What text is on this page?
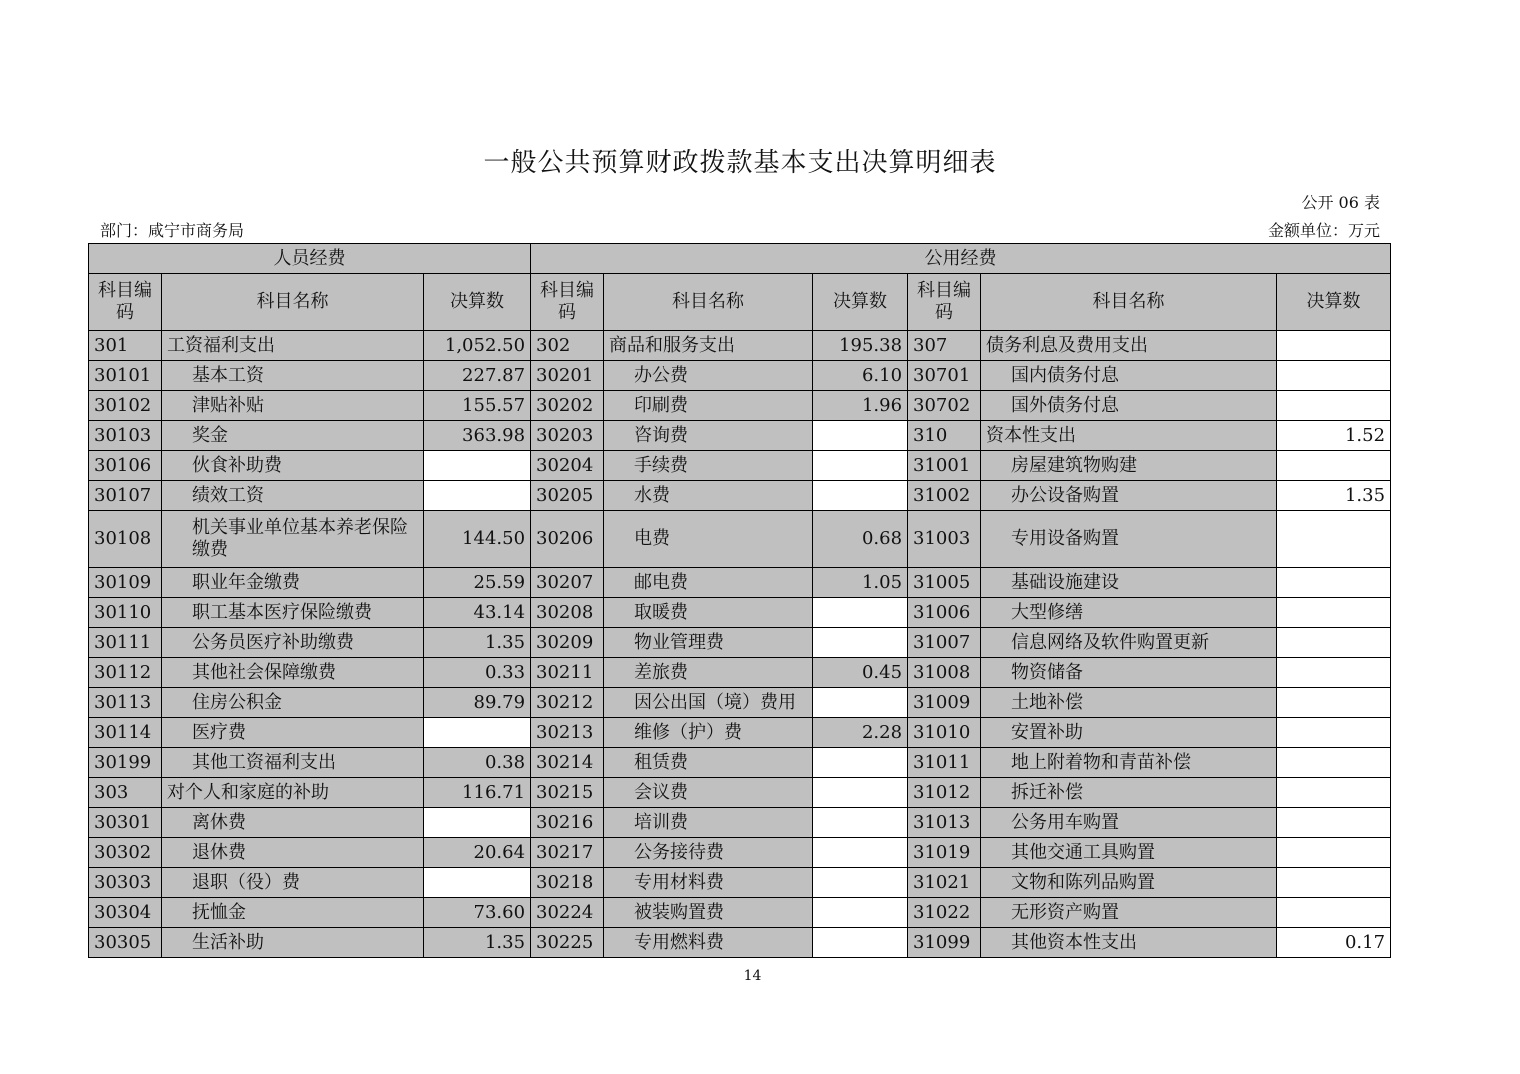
一般公共预算财政拨款基本支出决算明细表
公开 06 表
部门：咸宁市商务局	金额单位：万元
人员经费			公用经费					
科目编码	科目名称	决算数	科目编码	科目名称	决算数	科目编码	科目名称	决算数
301	工资福利支出	1,052.50	302	商品和服务支出	195.38	307	债务利息及费用支出	
30101	基本工资	227.87	30201	办公费	6.10	30701	国内债务付息	
30102	津贴补贴	155.57	30202	印刷费	1.96	30702	国外债务付息	
30103	奖金	363.98	30203	咨询费		310	资本性支出	1.52
30106	伙食补助费		30204	手续费		31001	房屋建筑物购建	
30107	绩效工资		30205	水费		31002	办公设备购置	1.35
30108	机关事业单位基本养老保险缴费	144.50	30206	电费	0.68	31003	专用设备购置	
30109	职业年金缴费	25.59	30207	邮电费	1.05	31005	基础设施建设	
30110	职工基本医疗保险缴费	43.14	30208	取暖费		31006	大型修缮	
30111	公务员医疗补助缴费	1.35	30209	物业管理费		31007	信息网络及软件购置更新	
30112	其他社会保障缴费	0.33	30211	差旅费	0.45	31008	物资储备	
30113	住房公积金	89.79	30212	因公出国（境）费用		31009	土地补偿	
30114	医疗费		30213	维修（护）费	2.28	31010	安置补助	
30199	其他工资福利支出	0.38	30214	租赁费		31011	地上附着物和青苗补偿	
303	对个人和家庭的补助	116.71	30215	会议费		31012	拆迁补偿	
30301	离休费		30216	培训费		31013	公务用车购置	
30302	退休费	20.64	30217	公务接待费		31019	其他交通工具购置	
30303	退职（役）费		30218	专用材料费		31021	文物和陈列品购置	
30304	抚恤金	73.60	30224	被装购置费		31022	无形资产购置	
30305	生活补助	1.35	30225	专用燃料费		31099	其他资本性支出	0.17
14
